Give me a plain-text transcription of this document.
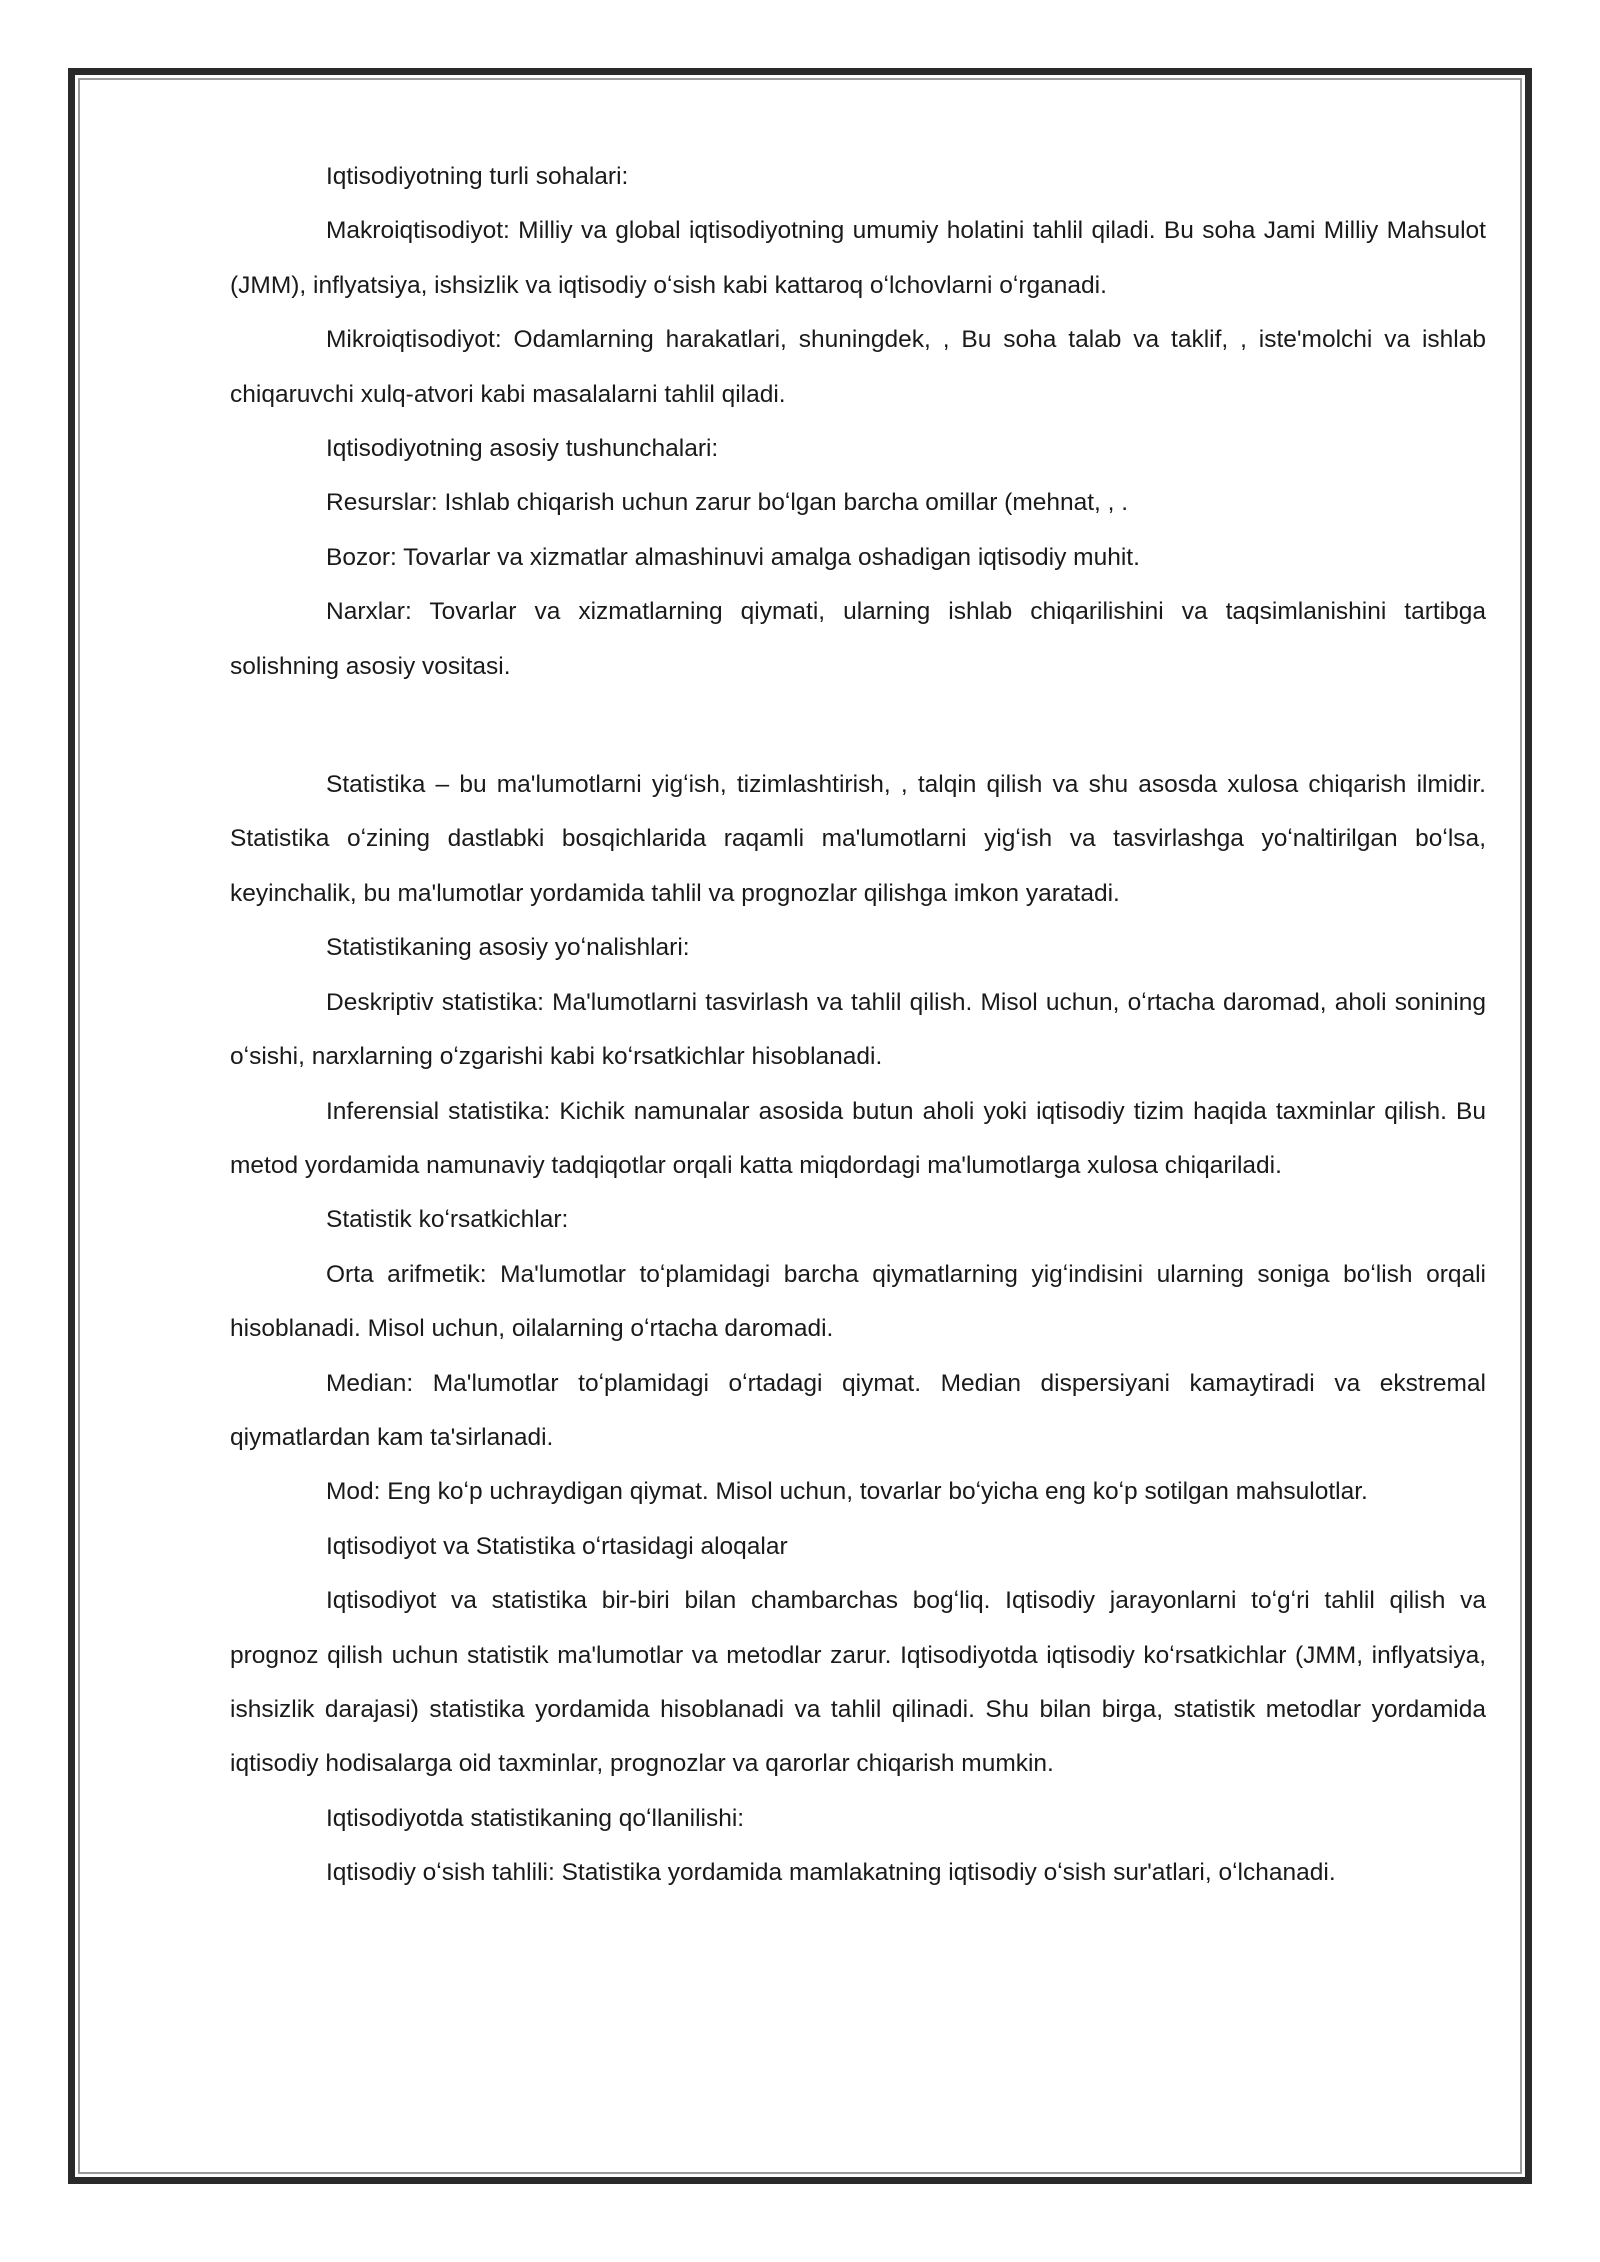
Iqtisodiyotning turli sohalari:

Makroiqtisodiyot: Milliy va global iqtisodiyotning umumiy holatini tahlil qiladi. Bu soha Jami Milliy Mahsulot (JMM), inflyatsiya, ishsizlik va iqtisodiy oʻsish kabi kattaroq oʻlchovlarni oʻrganadi.

Mikroiqtisodiyot: Odamlarning harakatlari, shuningdek, , Bu soha talab va taklif, , iste'molchi va ishlab chiqaruvchi xulq-atvori kabi masalalarni tahlil qiladi.

Iqtisodiyotning asosiy tushunchalari:

Resurslar: Ishlab chiqarish uchun zarur boʻlgan barcha omillar (mehnat, , .

Bozor: Tovarlar va xizmatlar almashinuvi amalga oshadigan iqtisodiy muhit.

Narxlar: Tovarlar va xizmatlarning qiymati, ularning ishlab chiqarilishini va taqsimlanishini tartibga solishning asosiy vositasi.

Statistika – bu ma'lumotlarni yigʻish, tizimlashtirish, , talqin qilish va shu asosda xulosa chiqarish ilmidir. Statistika oʻzining dastlabki bosqichlarida raqamli ma'lumotlarni yigʻish va tasvirlashga yoʻnaltirilgan boʻlsa, keyinchalik, bu ma'lumotlar yordamida tahlil va prognozlar qilishga imkon yaratadi.

Statistikaning asosiy yoʻnalishlari:

Deskriptiv statistika: Ma'lumotlarni tasvirlash va tahlil qilish. Misol uchun, oʻrtacha daromad, aholi sonining oʻsishi, narxlarning oʻzgarishi kabi koʻrsatkichlar hisoblanadi.

Inferensial statistika: Kichik namunalar asosida butun aholi yoki iqtisodiy tizim haqida taxminlar qilish. Bu metod yordamida namunaviy tadqiqotlar orqali katta miqdordagi ma'lumotlarga xulosa chiqariladi.

Statistik koʻrsatkichlar:

Orta arifmetik: Ma'lumotlar toʻplamidagi barcha qiymatlarning yigʻindisini ularning soniga boʻlish orqali hisoblanadi. Misol uchun, oilalarning oʻrtacha daromadi.

Median: Ma'lumotlar toʻplamidagi oʻrtadagi qiymat. Median dispersiyani kamaytiradi va ekstremal qiymatlardan kam ta'sirlanadi.

Mod: Eng koʻp uchraydigan qiymat. Misol uchun, tovarlar boʻyicha eng koʻp sotilgan mahsulotlar.

Iqtisodiyot va Statistika oʻrtasidagi aloqalar

Iqtisodiyot va statistika bir-biri bilan chambarchas bogʻliq. Iqtisodiy jarayonlarni toʻgʻri tahlil qilish va prognoz qilish uchun statistik ma'lumotlar va metodlar zarur. Iqtisodiyotda iqtisodiy koʻrsatkichlar (JMM, inflyatsiya, ishsizlik darajasi) statistika yordamida hisoblanadi va tahlil qilinadi. Shu bilan birga, statistik metodlar yordamida iqtisodiy hodisalarga oid taxminlar, prognozlar va qarorlar chiqarish mumkin.

Iqtisodiyotda statistikaning qoʻllanilishi:

Iqtisodiy oʻsish tahlili: Statistika yordamida mamlakatning iqtisodiy oʻsish sur'atlari, oʻlchanadi.
